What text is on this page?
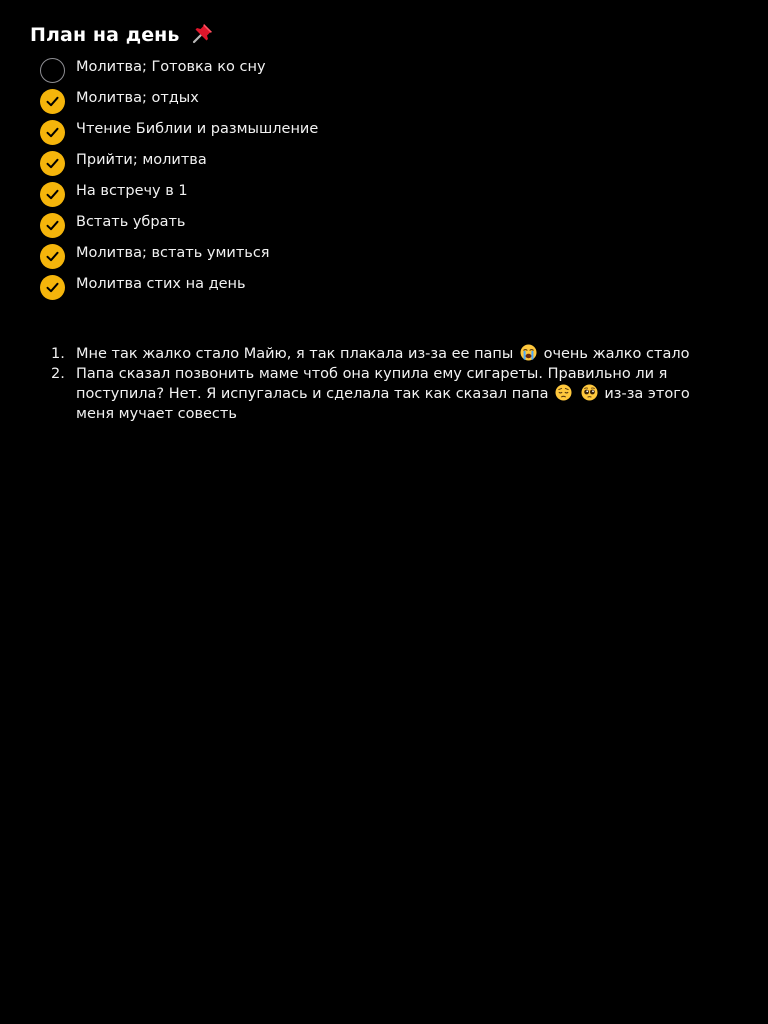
План на день
Молитва; Готовка ко сну
Молитва; отдых
Чтение Библии и размышление
Прийти; молитва
На встречу в 1
Встать убрать
Молитва; встать умиться
Молитва стих на день
1. Мне так жалко стало Майю, я так плакала из-за ее папы очень жалко стало
2. Папа сказал позвонить маме чтоб она купила ему сигареты. Правильно ли я поступила? Нет. Я испугалась и сделала так как сказал папа	из-за этого меня мучает совесть
